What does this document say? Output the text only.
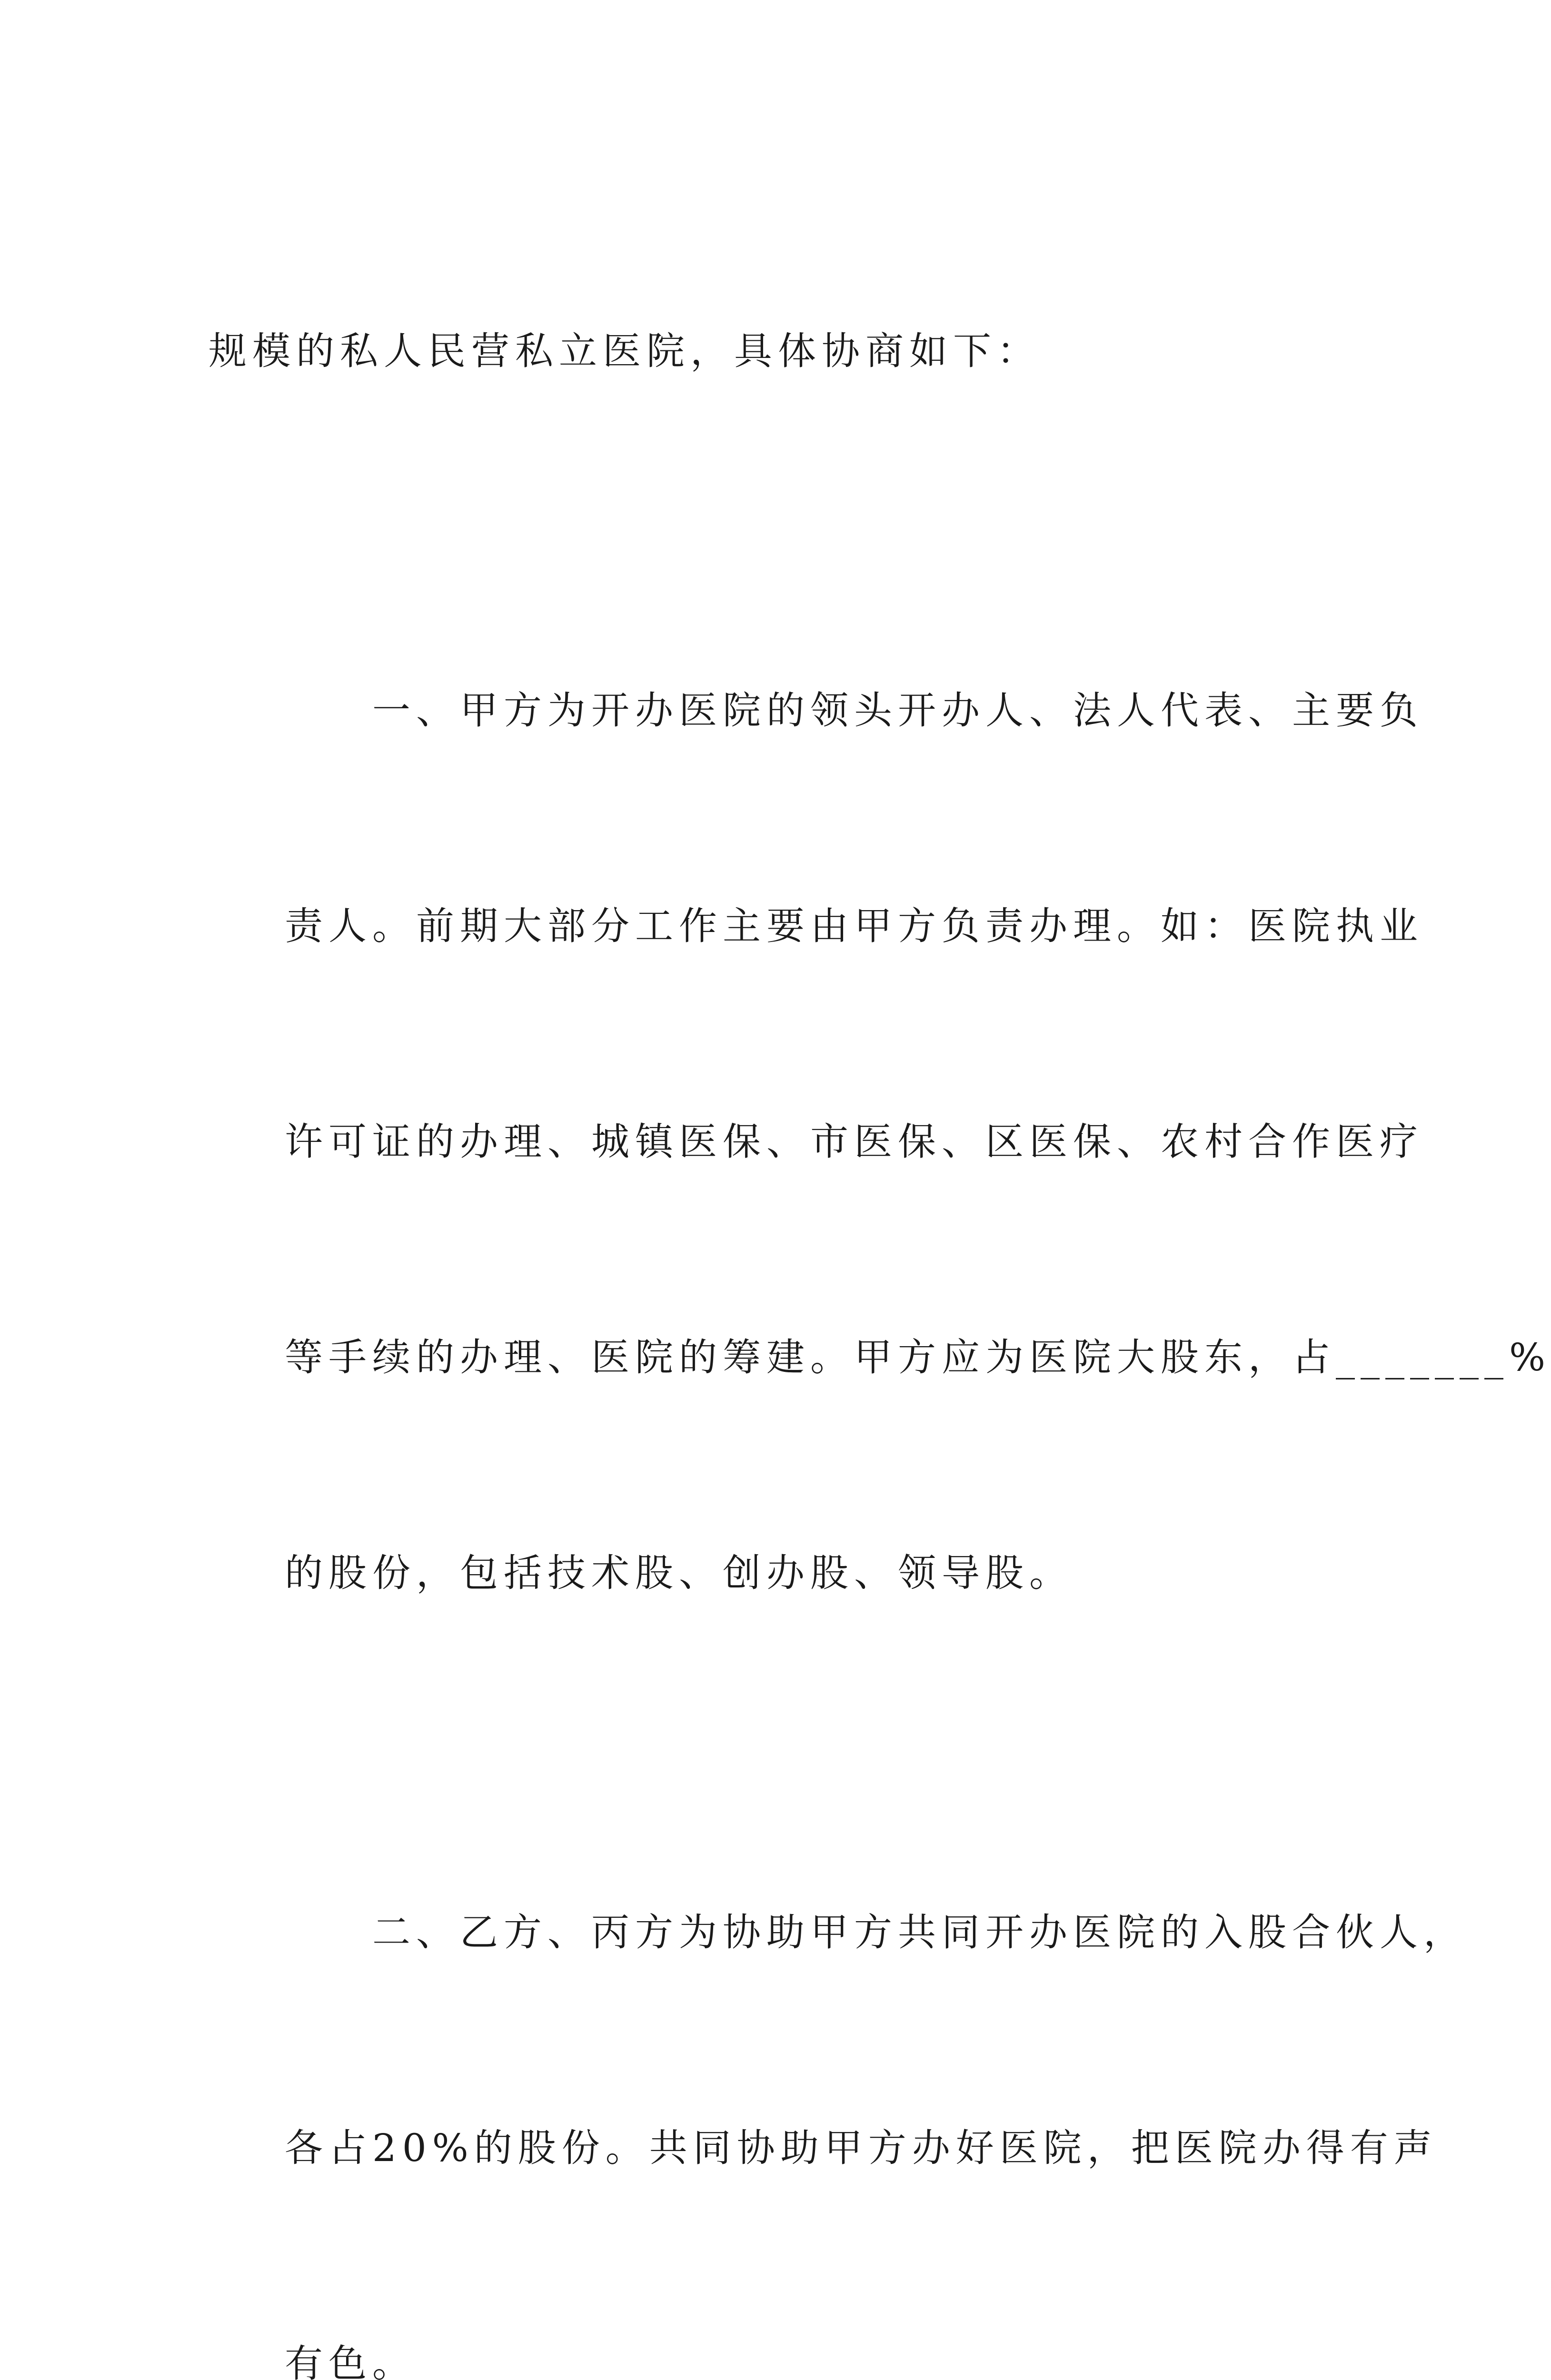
规模的私人民营私立医院，具体协商如下：

一、甲方为开办医院的领头开办人、法人代表、主要负

责人。前期大部分工作主要由甲方负责办理。如：医院执业

许可证的办理、城镇医保、市医保、区医保、农村合作医疗

等手续的办理、医院的筹建。甲方应为医院大股东，占_______%

的股份，包括技术股、创办股、领导股。

二、乙方、丙方为协助甲方共同开办医院的入股合伙人，

各占20%的股份。共同协助甲方办好医院，把医院办得有声

有色。
